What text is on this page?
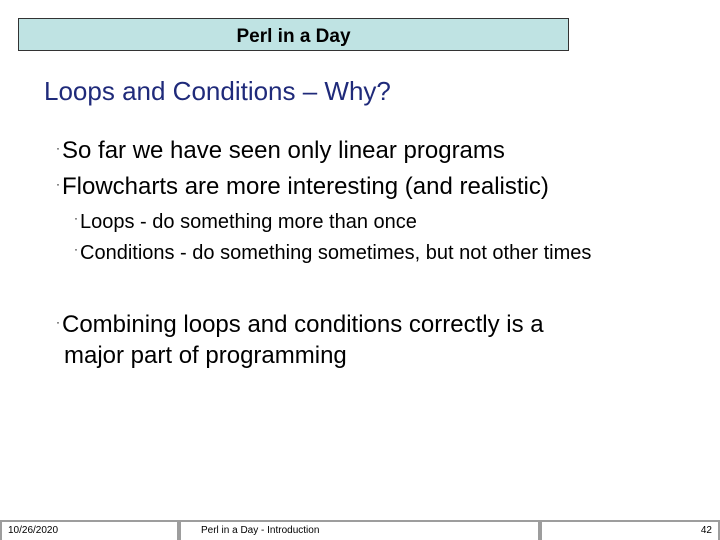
Perl in a Day
Loops and Conditions – Why?
·So far we have seen only linear programs
·Flowcharts are more interesting (and realistic)
· Loops - do something more than once
· Conditions - do something sometimes, but not other times
·Combining loops and conditions correctly is a
major part of programming
10/26/2020	Perl in a Day - Introduction	42
